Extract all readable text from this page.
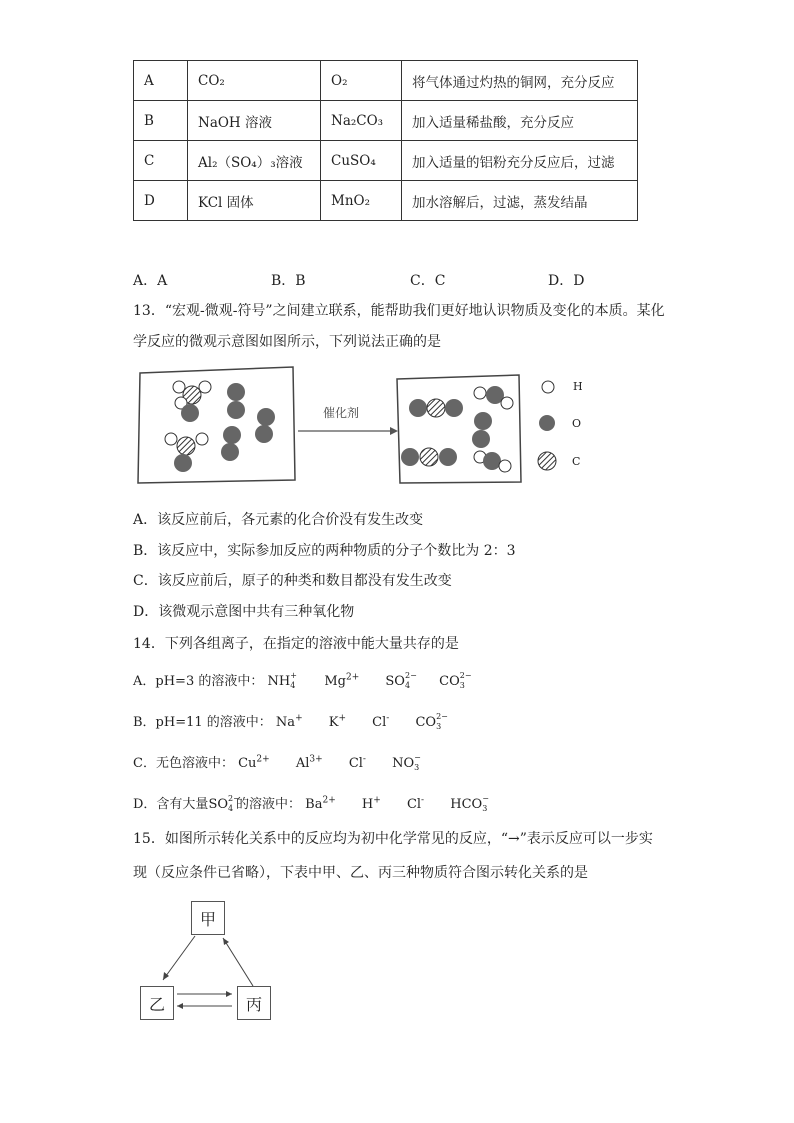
A	CO₂	O₂	将气体通过灼热的铜网，充分反应
B	NaOH 溶液	Na₂CO₃	加入适量稀盐酸，充分反应
C	Al₂（SO₄）₃溶液	CuSO₄	加入适量的铝粉充分反应后，过滤
D	KCl 固体	MnO₂	加水溶解后，过滤，蒸发结晶
A．A	B．B	C．C	D．D
13．“宏观-微观-符号”之间建立联系，能帮助我们更好地认识物质及变化的本质。某化
学反应的微观示意图如图所示，下列说法正确的是
催化剂
H
O
C
A．该反应前后，各元素的化合价没有发生改变
B．该反应中，实际参加反应的两种物质的分子个数比为 2：3
C．该反应前后，原子的种类和数目都没有发生改变
D．该微观示意图中共有三种氧化物
14．下列各组离子，在指定的溶液中能大量共存的是
A．pH=3 的溶液中： NH +
4 $Mg^{2+}$ SO 2−
4 CO 2−
3
B．pH=11 的溶液中： Na+ K+ Cl- CO 2−
3
C．无色溶液中： $Cu^{2+}$ $Al^{3+}$ Cl- NO −
3
D．含有大量SO 2−
4 的溶液中： $Ba^{2+}$ H+ Cl- HCO −
3
15．如图所示转化关系中的反应均为初中化学常见的反应，“→”表示反应可以一步实
现（反应条件已省略），下表中甲、乙、丙三种物质符合图示转化关系的是
甲
乙	丙
